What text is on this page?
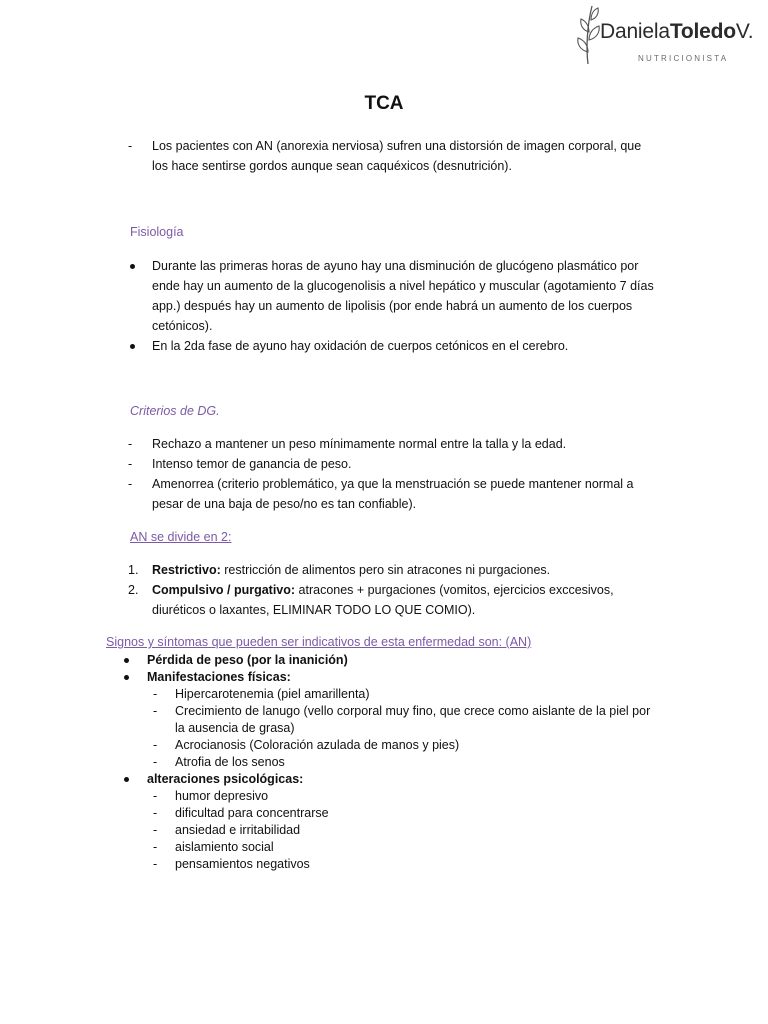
DanielaToledoV.
NUTRICIONISTA
TCA
- Los pacientes con AN (anorexia nerviosa) sufren una distorsión de imagen corporal, que
los hace sentirse gordos aunque sean caquéxicos (desnutrición).
Fisiología
Durante las primeras horas de ayuno hay una disminución de glucógeno plasmático por
ende hay un aumento de la glucogenolisis a nivel hepático y muscular (agotamiento 7 días
app.) después hay un aumento de lipolisis (por ende habrá un aumento de los cuerpos
cetónicos).
En la 2da fase de ayuno hay oxidación de cuerpos cetónicos en el cerebro.
Criterios de DG.
- Rechazo a mantener un peso mínimamente normal entre la talla y la edad.
- Intenso temor de ganancia de peso.
- Amenorrea (criterio problemático, ya que la menstruación se puede mantener normal a
pesar de una baja de peso/no es tan confiable).
AN se divide en 2:
1. Restrictivo: restricción de alimentos pero sin atracones ni purgaciones.
2. Compulsivo / purgativo: atracones + purgaciones (vomitos, ejercicios exccesivos,
diuréticos o laxantes, ELIMINAR TODO LO QUE COMIO).
Signos y síntomas que pueden ser indicativos de esta enfermedad son: (AN)
Pérdida de peso (por la inanición)
Manifestaciones físicas:
- Hipercarotenemia (piel amarillenta)
- Crecimiento de lanugo (vello corporal muy fino, que crece como aislante de la piel por
la ausencia de grasa)
- Acrocianosis (Coloración azulada de manos y pies)
- Atrofia de los senos
alteraciones psicológicas:
- humor depresivo
- dificultad para concentrarse
- ansiedad e irritabilidad
- aislamiento social
- pensamientos negativos
